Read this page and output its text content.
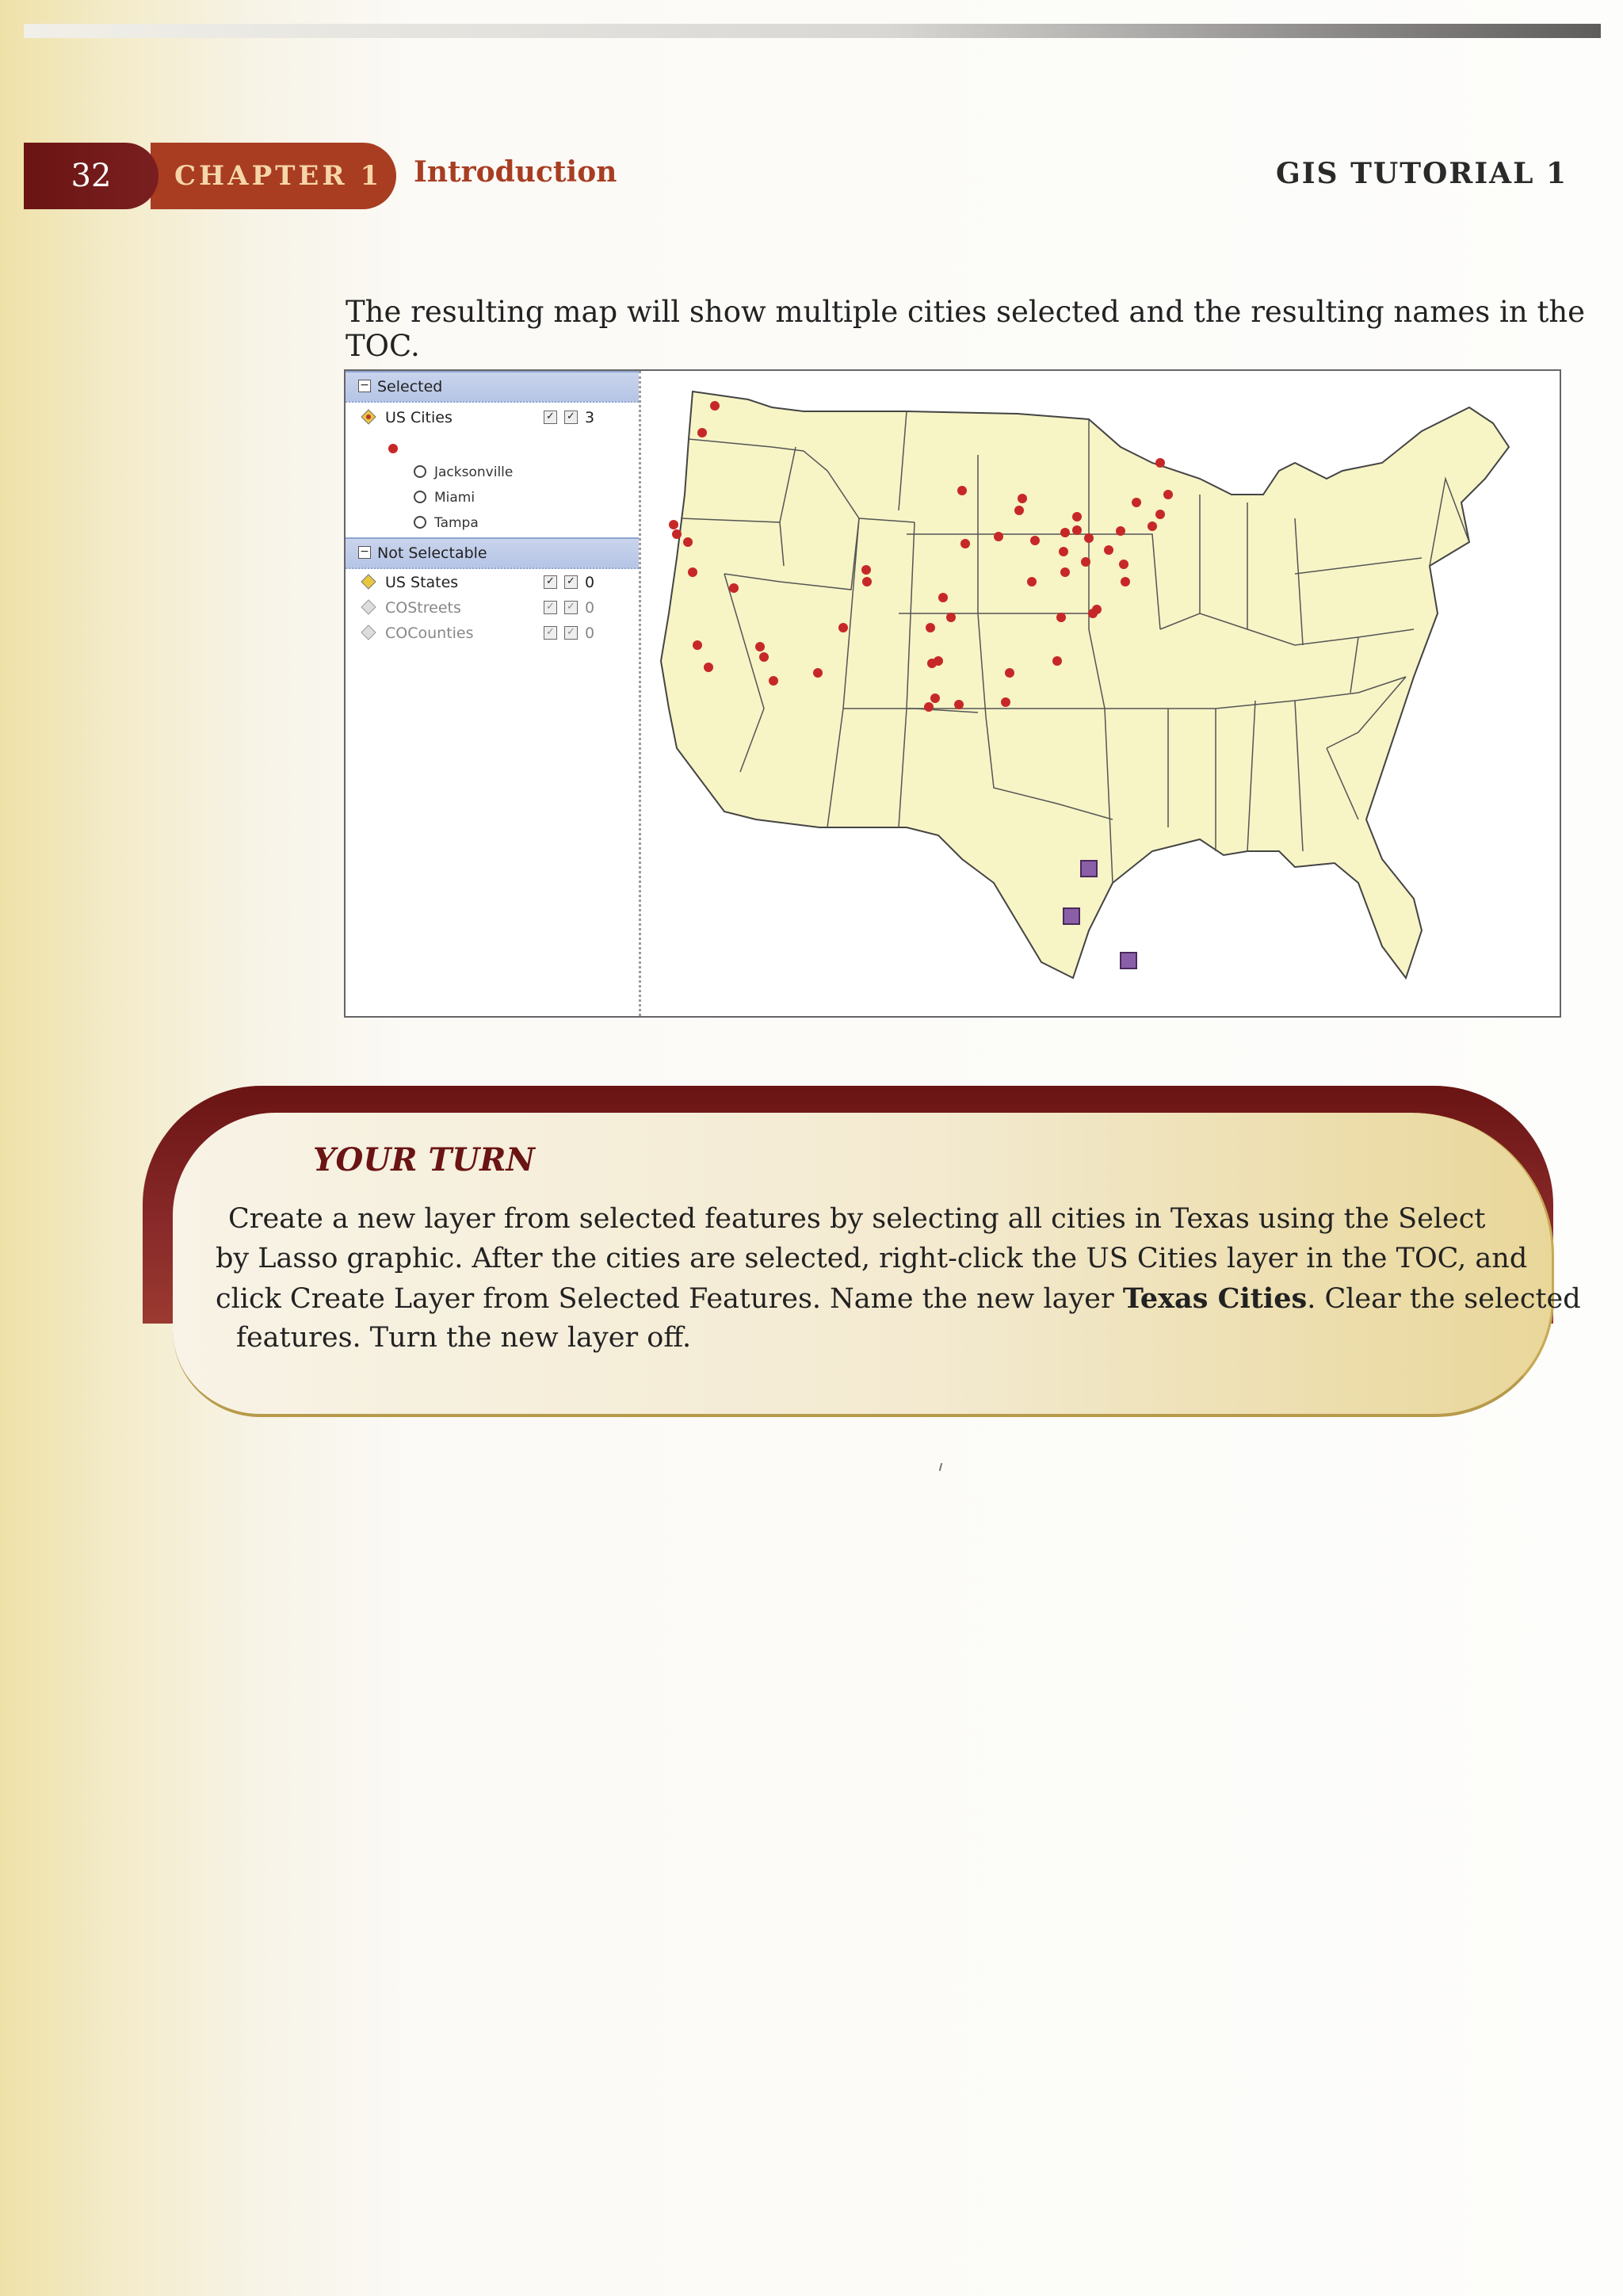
32	CHAPTER 1	Introduction	GIS TUTORIAL 1
The resulting map will show multiple cities selected and the resulting names in the TOC.
− Selected
US Cities	✓ ✓ 3
Jacksonville
Miami
Tampa
− Not Selectable
US States	✓ ✓ 0
COStreets	✓ ✓ 0
COCounties	✓ ✓ 0
YOUR TURN
Create a new layer from selected features by selecting all cities in Texas using the Select
by Lasso graphic. After the cities are selected, right-click the US Cities layer in the TOC, and
click Create Layer from Selected Features. Name the new layer Texas Cities. Clear the selected
features. Turn the new layer off.
